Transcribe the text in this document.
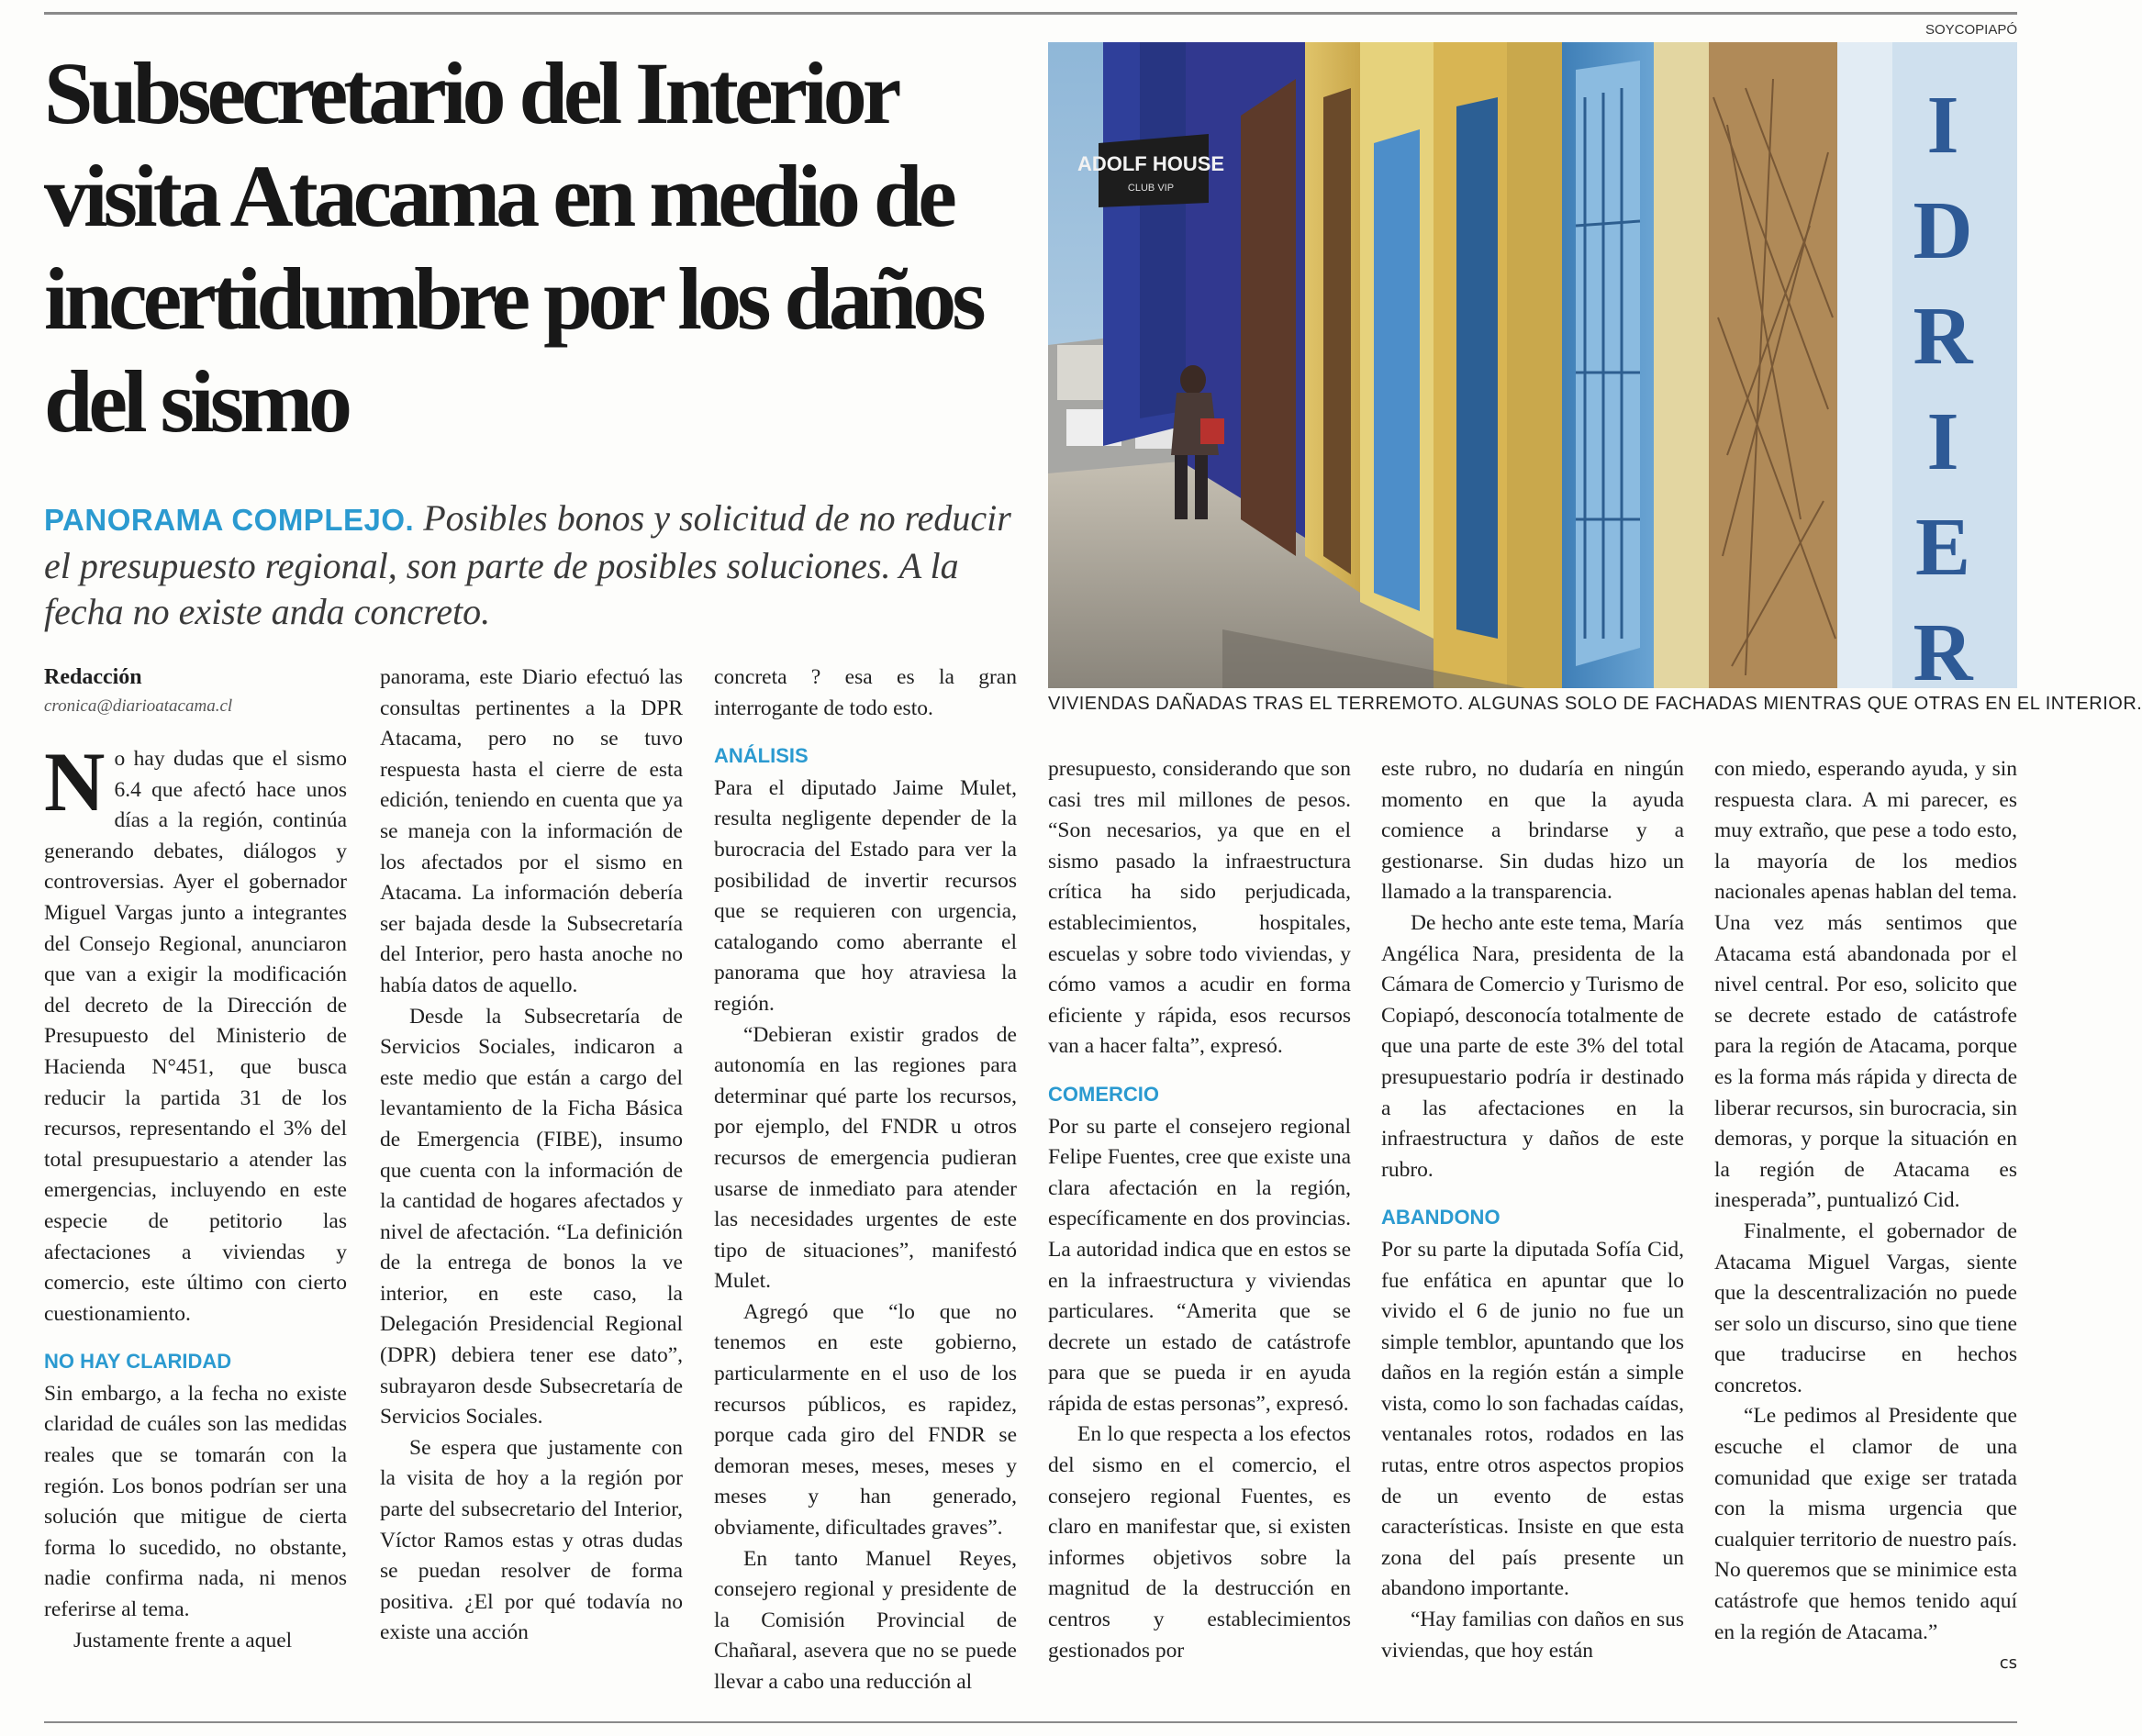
Subsecretario del Interior visita Atacama en medio de incertidumbre por los daños del sismo
PANORAMA COMPLEJO. Posibles bonos y solicitud de no reducir el presupuesto regional, son parte de posibles soluciones. A la fecha no existe anda concreto.
SOYCOPIAPÓ
I
D
R
I
E
R
ADOLF HOUSE
CLUB VIP
VIVIENDAS DAÑADAS TRAS EL TERREMOTO. ALGUNAS SOLO DE FACHADAS MIENTRAS QUE OTRAS EN EL INTERIOR.
Redacción
cronica@diarioatacama.cl

No hay dudas que el sismo 6.4 que afectó hace unos días a la región, continúa generando debates, diálogos y controversias. Ayer el gobernador Miguel Vargas junto a integrantes del Consejo Regional, anunciaron que van a exigir la modificación del decreto de la Dirección de Presupuesto del Ministerio de Hacienda N°451, que busca reducir la partida 31 de los recursos, representando el 3% del total presupuestario a atender las emergencias, incluyendo en este especie de petitorio las afectaciones a viviendas y comercio, este último con cierto cuestionamiento.

NO HAY CLARIDAD

Sin embargo, a la fecha no existe claridad de cuáles son las medidas reales que se tomarán con la región. Los bonos podrían ser una solución que mitigue de cierta forma lo sucedido, no obstante, nadie confirma nada, ni menos referirse al tema.

Justamente frente a aquel

panorama, este Diario efectuó las consultas pertinentes a la DPR Atacama, pero no se tuvo respuesta hasta el cierre de esta edición, teniendo en cuenta que ya se maneja con la información de los afectados por el sismo en Atacama. La información debería ser bajada desde la Subsecretaría del Interior, pero hasta anoche no había datos de aquello.

Desde la Subsecretaría de Servicios Sociales, indicaron a este medio que están a cargo del levantamiento de la Ficha Básica de Emergencia (FIBE), insumo que cuenta con la información de la cantidad de hogares afectados y nivel de afectación. “La definición de la entrega de bonos la ve interior, en este caso, la Delegación Presidencial Regional (DPR) debiera tener ese dato”, subrayaron desde Subsecretaría de Servicios Sociales.

Se espera que justamente con la visita de hoy a la región por parte del subsecretario del Interior, Víctor Ramos estas y otras dudas se puedan resolver de forma positiva. ¿El por qué todavía no existe una acción

concreta ? esa es la gran interrogante de todo esto.

ANÁLISIS

Para el diputado Jaime Mulet, resulta negligente depender de la burocracia del Estado para ver la posibilidad de invertir recursos que se requieren con urgencia, catalogando como aberrante el panorama que hoy atraviesa la región.

“Debieran existir grados de autonomía en las regiones para determinar qué parte los recursos, por ejemplo, del FNDR u otros recursos de emergencia pudieran usarse de inmediato para atender las necesidades urgentes de este tipo de situaciones”, manifestó Mulet.

Agregó que “lo que no tenemos en este gobierno, particularmente en el uso de los recursos públicos, es rapidez, porque cada giro del FNDR se demoran meses, meses, meses y meses y han generado, obviamente, dificultades graves”.

En tanto Manuel Reyes, consejero regional y presidente de la Comisión Provincial de Chañaral, asevera que no se puede llevar a cabo una reducción al

presupuesto, considerando que son casi tres mil millones de pesos. “Son necesarios, ya que en el sismo pasado la infraestructura crítica ha sido perjudicada, establecimientos, hospitales, escuelas y sobre todo viviendas, y cómo vamos a acudir en forma eficiente y rápida, esos recursos van a hacer falta”, expresó.

COMERCIO

Por su parte el consejero regional Felipe Fuentes, cree que existe una clara afectación en la región, específicamente en dos provincias. La autoridad indica que en estos se en la infraestructura y viviendas particulares. “Amerita que se decrete un estado de catástrofe para que se pueda ir en ayuda rápida de estas personas”, expresó.

En lo que respecta a los efectos del sismo en el comercio, el consejero regional Fuentes, es claro en manifestar que, si existen informes objetivos sobre la magnitud de la destrucción en centros y establecimientos gestionados por

este rubro, no dudaría en ningún momento en que la ayuda comience a brindarse y a gestionarse. Sin dudas hizo un llamado a la transparencia.

De hecho ante este tema, María Angélica Nara, presidenta de la Cámara de Comercio y Turismo de Copiapó, desconocía totalmente de que una parte de este 3% del total presupuestario podría ir destinado a las afectaciones en la infraestructura y daños de este rubro.

ABANDONO

Por su parte la diputada Sofía Cid, fue enfática en apuntar que lo vivido el 6 de junio no fue un simple temblor, apuntando que los daños en la región están a simple vista, como lo son fachadas caídas, ventanales rotos, rodados en las rutas, entre otros aspectos propios de un evento de estas características. Insiste en que esta zona del país presente un abandono importante.

“Hay familias con daños en sus viviendas, que hoy están

con miedo, esperando ayuda, y sin respuesta clara. A mi parecer, es muy extraño, que pese a todo esto, la mayoría de los medios nacionales apenas hablan del tema. Una vez más sentimos que Atacama está abandonada por el nivel central. Por eso, solicito que se decrete estado de catástrofe para la región de Atacama, porque es la forma más rápida y directa de liberar recursos, sin burocracia, sin demoras, y porque la situación en la región de Atacama es inesperada”, puntualizó Cid.

Finalmente, el gobernador de Atacama Miguel Vargas, siente que la descentralización no puede ser solo un discurso, sino que tiene que traducirse en hechos concretos.

“Le pedimos al Presidente que escuche el clamor de una comunidad que exige ser tratada con la misma urgencia que cualquier territorio de nuestro país. No queremos que se minimice esta catástrofe que hemos tenido aquí en la región de Atacama.”

cs
